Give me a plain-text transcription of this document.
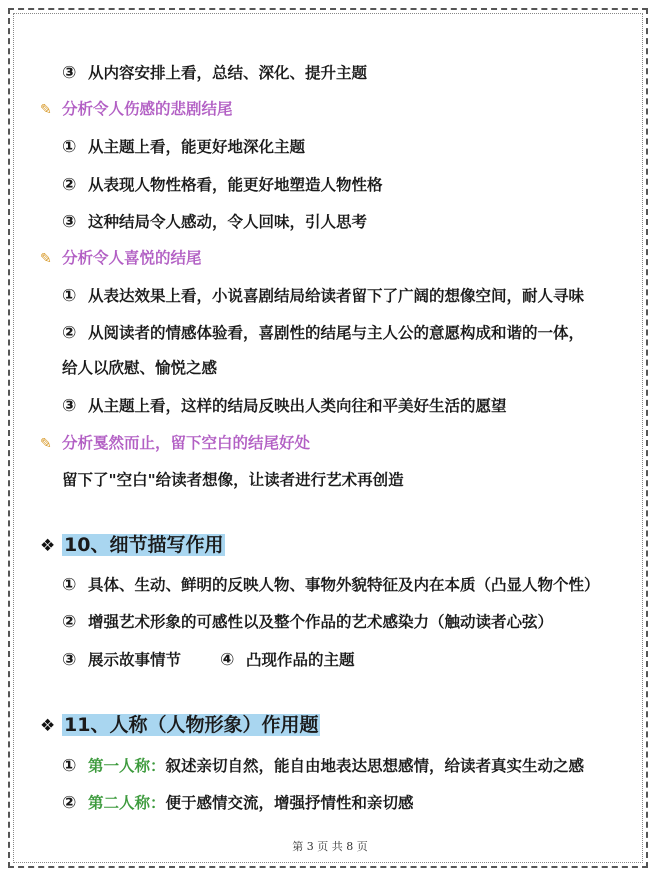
③ 从内容安排上看，总结、深化、提升主题
✎ 分析令人伤感的悲剧结尾
① 从主题上看，能更好地深化主题
② 从表现人物性格看，能更好地塑造人物性格
③ 这种结局令人感动，令人回味，引人思考
✎ 分析令人喜悦的结尾
① 从表达效果上看，小说喜剧结局给读者留下了广阔的想像空间，耐人寻味
② 从阅读者的情感体验看，喜剧性的结尾与主人公的意愿构成和谐的一体，
给人以欣慰、愉悦之感
③ 从主题上看，这样的结局反映出人类向往和平美好生活的愿望
✎ 分析戛然而止，留下空白的结尾好处
留下了"空白"给读者想像，让读者进行艺术再创造
❖ 10、细节描写作用
① 具体、生动、鲜明的反映人物、事物外貌特征及内在本质（凸显人物个性）
② 增强艺术形象的可感性以及整个作品的艺术感染力（触动读者心弦）
③ 展示故事情节 ④ 凸现作品的主题
❖ 11、人称（人物形象）作用题
① 第一人称：叙述亲切自然，能自由地表达思想感情，给读者真实生动之感
② 第二人称：便于感情交流，增强抒情性和亲切感
第 3 页 共 8 页
